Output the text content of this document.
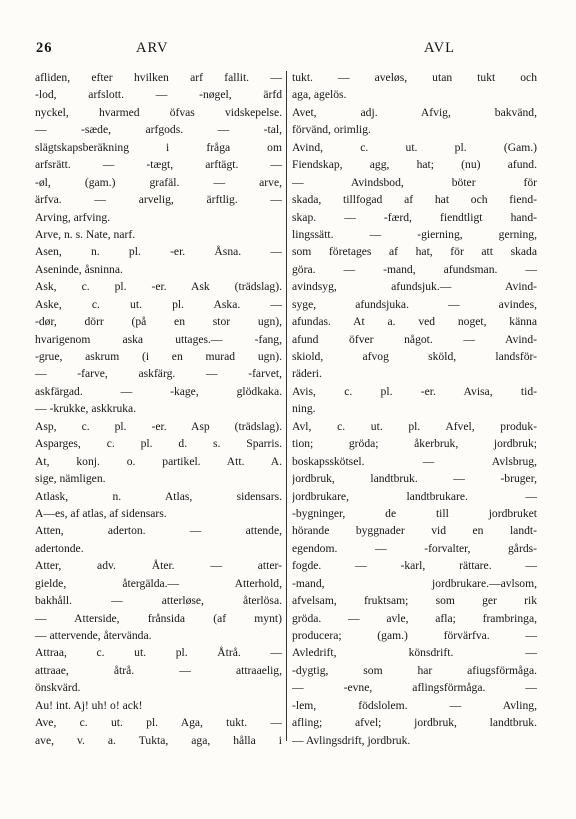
26	ARV	AVL
afliden, efter hvilken arf fallit. —
-lod, arfslott. — -nøgel, ärfd
nyckel, hvarmed öfvas vidskepelse.
— -sæde, arfgods. — -tal,
slägtskapsberäkning i fråga om
arfsrätt. — -tægt, arftägt. —
-øl, (gam.) grafäl. — arve,
ärfva. — arvelig, ärftlig. —
Arving, arfving.
Arve, n. s. Nate, narf.
Asen, n. pl. -er. Åsna. —
Aseninde, åsninna.
Ask, c. pl. -er. Ask (trädslag).
Aske, c. ut. pl. Aska. —
-dør, dörr (på en stor ugn),
hvarigenom aska uttages.— -fang,
-grue, askrum (i en murad ugn).
— -farve, askfärg. — -farvet,
askfärgad. — -kage, glödkaka.
— -krukke, askkruka.
Asp, c. pl. -er. Asp (trädslag).
Asparges, c. pl. d. s. Sparris.
At, konj. o. partikel. Att. A.
sige, nämligen.
Atlask, n. Atlas, sidensars.
A—es, af atlas, af sidensars.
Atten, aderton. — attende,
adertonde.
Atter, adv. Åter. — atter-
gielde, återgälda.— Atterhold,
bakhåll. — atterløse, återlösa.
— Atterside, frånsida (af mynt)
— attervende, återvända.
Attraa, c. ut. pl. Åtrå. —
attraae, åtrå. — attraaelig,
önskvärd.
Au! int. Aj! uh! o! ack!
Ave, c. ut. pl. Aga, tukt. —
ave, v. a. Tukta, aga, hålla i
tukt. — aveløs, utan tukt och
aga, agelös.
Avet, adj. Afvig, bakvänd,
förvänd, orimlig.
Avind, c. ut. pl. (Gam.)
Fiendskap, agg, hat; (nu) afund.
— Avindsbod, böter för
skada, tillfogad af hat och fiend-
skap. — -færd, fiendtligt hand-
lingssätt. — -gierning, gerning,
som företages af hat, för att skada
göra. — -mand, afundsman. —
avindsyg, afundsjuk.— Avind-
syge, afundsjuka. — avindes,
afundas. At a. ved noget, känna
afund öfver något. — Avind-
skiold, afvog sköld, landsför-
räderi.
Avis, c. pl. -er. Avisa, tid-
ning.
Avl, c. ut. pl. Afvel, produk-
tion; gröda; åkerbruk, jordbruk;
boskapsskötsel. — Avlsbrug,
jordbruk, landtbruk. — -bruger,
jordbrukare, landtbrukare. —
-bygninger, de till jordbruket
hörande byggnader vid en landt-
egendom. — -forvalter, gårds-
fogde. — -karl, rättare. —
-mand, jordbrukare.—avlsom,
afvelsam, fruktsam; som ger rik
gröda. — avle, afla; frambringa,
producera; (gam.) förvärfva. —
Avledrift, könsdrift. —
-dygtig, som har afiugsförmåga.
— -evne, aflingsförmåga. —
-lem, födslolem. — Avling,
afling; afvel; jordbruk, landtbruk.
— Avlingsdrift, jordbruk.
